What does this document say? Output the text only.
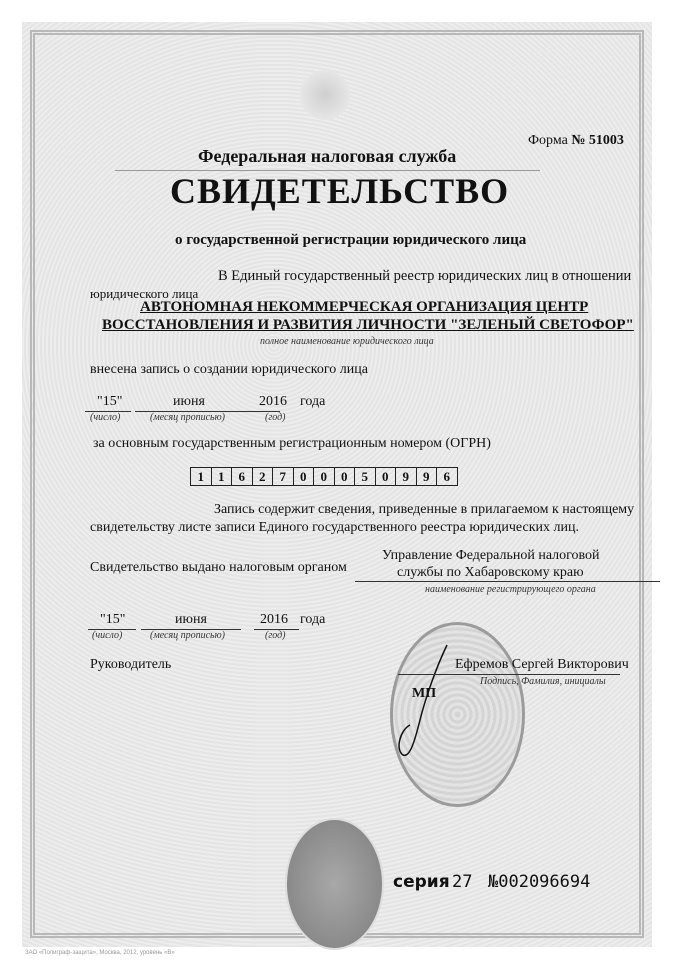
Форма № 51003
Федеральная налоговая служба
СВИДЕТЕЛЬСТВО
о государственной регистрации юридического лица
В Единый государственный реестр юридических лиц в отношении
юридического лица
АВТОНОМНАЯ НЕКОММЕРЧЕСКАЯ ОРГАНИЗАЦИЯ ЦЕНТР
ВОССТАНОВЛЕНИЯ И РАЗВИТИЯ ЛИЧНОСТИ "ЗЕЛЕНЫЙ СВЕТОФОР"
полное наименование юридического лица
внесена запись о создании юридического лица
"15"
(число)
июня
(месяц прописью)
2016 года
(год)
за основным государственным регистрационным номером (ОГРН)
1	1	6	2	7	0	0	0	5	0	9	9	6
Запись содержит сведения, приведенные в прилагаемом к настоящему
свидетельству листе записи Единого государственного реестра юридических лиц.
Свидетельство выдано налоговым органом
Управление Федеральной налоговой
службы по Хабаровскому краю
наименование регистрирующего органа
"15"
(число)
июня
(месяц прописью)
2016 года
(год)
Руководитель	Ефремов Сергей Викторович
Подпись, Фамилия, инициалы
МП
серия 27 №002096694
ЗАО «Полиграф-защита», Москва, 2012, уровень «В»
